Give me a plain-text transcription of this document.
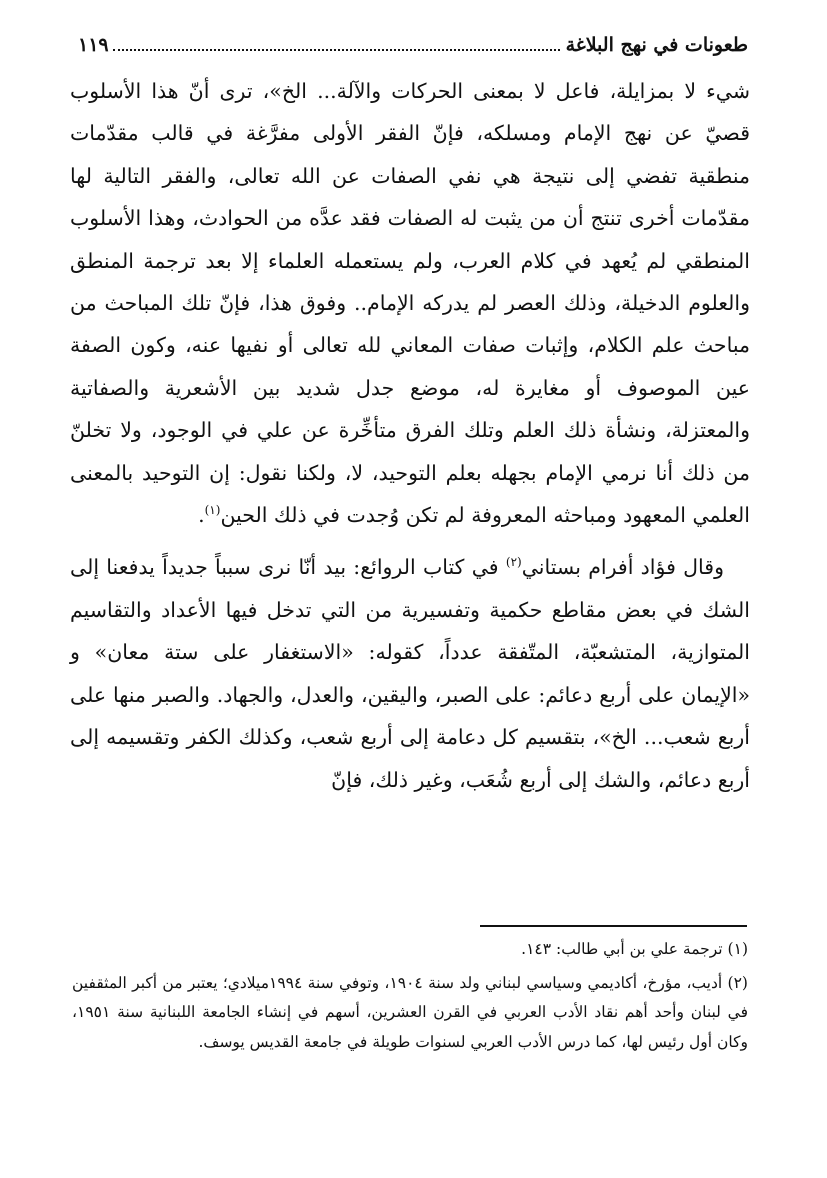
طعونات في نهج البلاغة
١١٩

شيء لا بمزايلة، فاعل لا بمعنى الحركات والآلة... الخ»، ترى أنّ هذا الأسلوب قصيّ عن نهج الإمام ومسلكه، فإنّ الفقر الأولى مفرَّغة في قالب مقدّمات منطقية تفضي إلى نتيجة هي نفي الصفات عن الله تعالى، والفقر التالية لها مقدّمات أخرى تنتج أن من يثبت له الصفات فقد عدَّه من الحوادث، وهذا الأسلوب المنطقي لم يُعهد في كلام العرب، ولم يستعمله العلماء إلا بعد ترجمة المنطق والعلوم الدخيلة، وذلك العصر لم يدركه الإمام.. وفوق هذا، فإنّ تلك المباحث من مباحث علم الكلام، وإثبات صفات المعاني لله تعالى أو نفيها عنه، وكون الصفة عين الموصوف أو مغايرة له، موضع جدل شديد بين الأشعرية والصفاتية والمعتزلة، ونشأة ذلك العلم وتلك الفرق متأخِّرة عن علي في الوجود، ولا تخلنّ من ذلك أنا نرمي الإمام بجهله بعلم التوحيد، لا، ولكنا نقول: إن التوحيد بالمعنى العلمي المعهود ومباحثه المعروفة لم تكن وُجدت في ذلك الحين$^{(١)}$.

وقال فؤاد أفرام بستاني$^{(٢)}$ في كتاب الروائع: بيد أنّا نرى سبباً جديداً يدفعنا إلى الشك في بعض مقاطع حكمية وتفسيرية من التي تدخل فيها الأعداد والتقاسيم المتوازية، المتشعبّة، المتّفقة عدداً، كقوله: «الاستغفار على ستة معان» و «الإيمان على أربع دعائم: على الصبر، واليقين، والعدل، والجهاد. والصبر منها على أربع شعب... الخ»، بتقسيم كل دعامة إلى أربع شعب، وكذلك الكفر وتقسيمه إلى أربع دعائم، والشك إلى أربع شُعَب، وغير ذلك، فإنّ

(١) ترجمة علي بن أبي طالب: ١٤٣.

(٢) أديب، مؤرخ، أكاديمي وسياسي لبناني ولد سنة ١٩٠٤، وتوفي سنة ١٩٩٤ميلادي؛ يعتبر من أكبر المثقفين في لبنان وأحد أهم نقاد الأدب العربي في القرن العشرين، أسهم في إنشاء الجامعة اللبنانية سنة ١٩٥١، وكان أول رئيس لها، كما درس الأدب العربي لسنوات طويلة في جامعة القديس يوسف.
